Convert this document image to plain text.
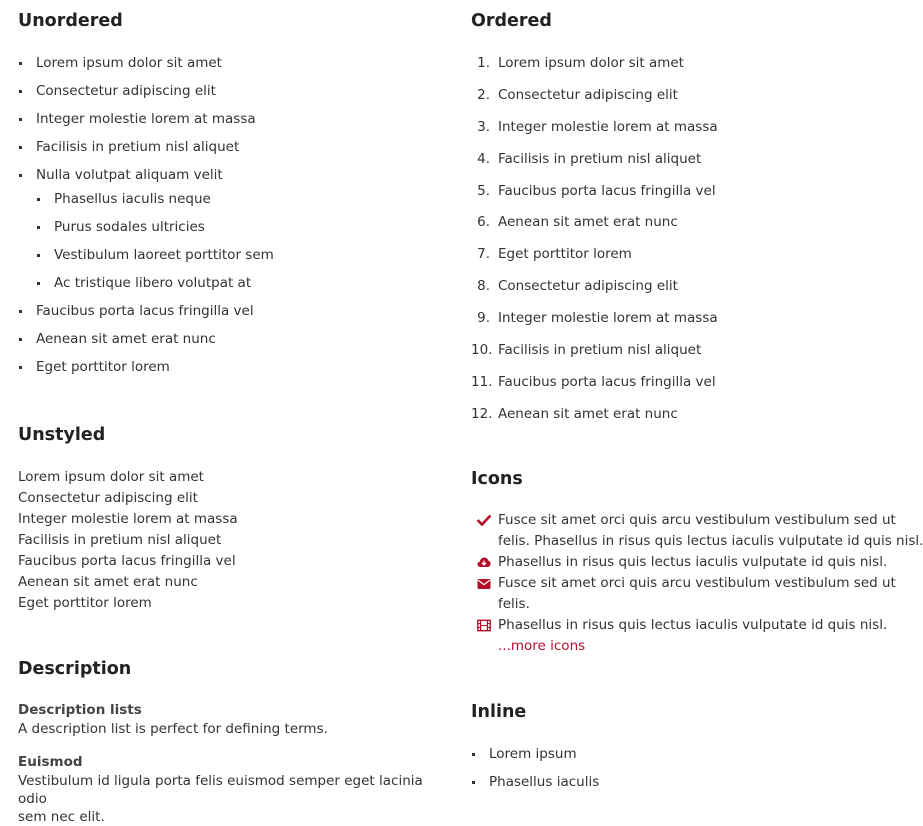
Unordered
Lorem ipsum dolor sit amet
Consectetur adipiscing elit
Integer molestie lorem at massa
Facilisis in pretium nisl aliquet
Nulla volutpat aliquam velit
Phasellus iaculis neque
Purus sodales ultricies
Vestibulum laoreet porttitor sem
Ac tristique libero volutpat at
Faucibus porta lacus fringilla vel
Aenean sit amet erat nunc
Eget porttitor lorem
Unstyled
Lorem ipsum dolor sit amet
Consectetur adipiscing elit
Integer molestie lorem at massa
Facilisis in pretium nisl aliquet
Faucibus porta lacus fringilla vel
Aenean sit amet erat nunc
Eget porttitor lorem
Description
Description lists
A description list is perfect for defining terms.
Euismod
Vestibulum id ligula porta felis euismod semper eget lacinia odio
sem nec elit.
Ordered
1. Lorem ipsum dolor sit amet
2. Consectetur adipiscing elit
3. Integer molestie lorem at massa
4. Facilisis in pretium nisl aliquet
5. Faucibus porta lacus fringilla vel
6. Aenean sit amet erat nunc
7. Eget porttitor lorem
8. Consectetur adipiscing elit
9. Integer molestie lorem at massa
10. Facilisis in pretium nisl aliquet
11. Faucibus porta lacus fringilla vel
12. Aenean sit amet erat nunc
Icons
Fusce sit amet orci quis arcu vestibulum vestibulum sed ut
felis. Phasellus in risus quis lectus iaculis vulputate id quis nisl.
Phasellus in risus quis lectus iaculis vulputate id quis nisl.
Fusce sit amet orci quis arcu vestibulum vestibulum sed ut
felis.
Phasellus in risus quis lectus iaculis vulputate id quis nisl.
...more icons
Inline
Lorem ipsum
Phasellus iaculis
